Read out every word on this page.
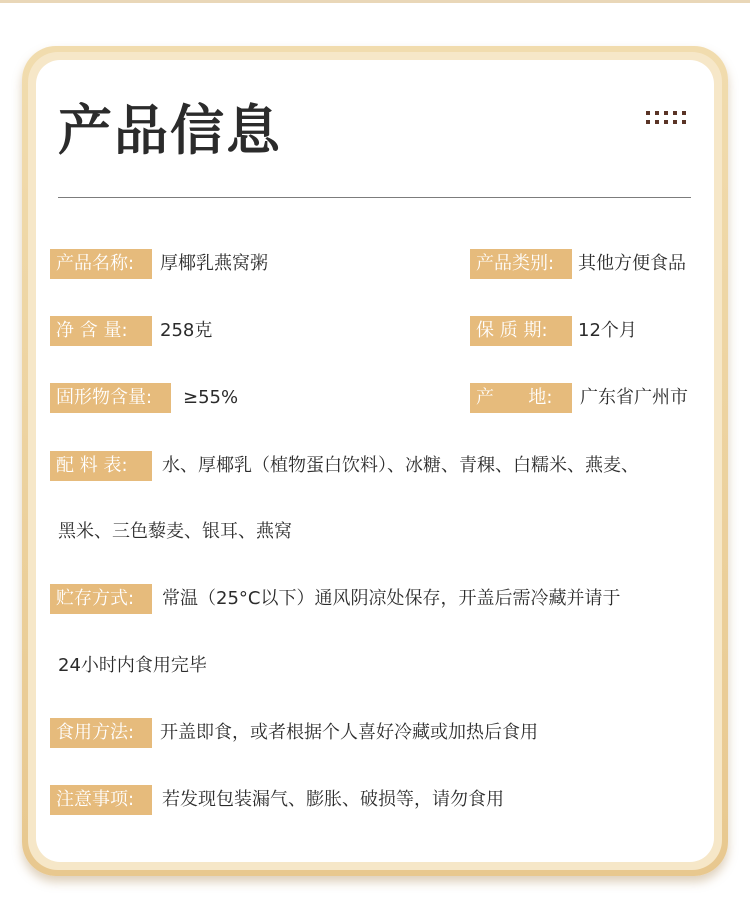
产品信息
产品名称:	厚椰乳燕窝粥	产品类别:	其他方便食品
净 含 量:	258克	保 质 期:	12个月
固形物含量:	≥55%	产      地:	广东省广州市
配 料 表:	水、厚椰乳（植物蛋白饮料）、冰糖、青稞、白糯米、燕麦、
黑米、三色藜麦、银耳、燕窝
贮存方式:	常温（25°C以下）通风阴凉处保存，开盖后需冷藏并请于
24小时内食用完毕
食用方法:	开盖即食，或者根据个人喜好冷藏或加热后食用
注意事项:	若发现包装漏气、膨胀、破损等，请勿食用
